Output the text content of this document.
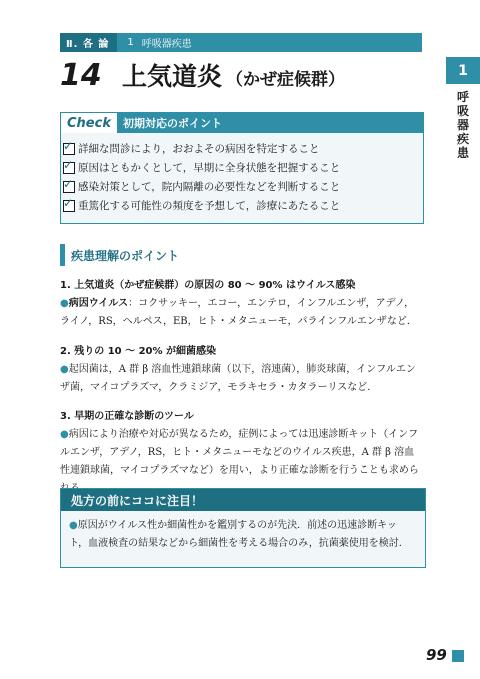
Ⅱ. 各 論	1 呼吸器疾患
14 上気道炎 （かぜ症候群）	1
呼吸器疾患
Check	初期対応のポイント
✓
詳細な問診により，おおよその病因を特定すること
✓
原因はともかくとして，早期に全身状態を把握すること
✓
感染対策として，院内隔離の必要性などを判断すること
✓
重篤化する可能性の頻度を予想して，診療にあたること
疾患理解のポイント
1. 上気道炎（かぜ症候群）の原因の 80 ～ 90% はウイルス感染

●病因ウイルス：コクサッキー，エコー，エンテロ，インフルエンザ，アデノ，ライノ，RS，ヘルペス，EB，ヒト・メタニューモ，パラインフルエンザなど．

2. 残りの 10 ～ 20% が細菌感染

●起因菌は，A 群 β 溶血性連鎖球菌（以下，溶連菌），肺炎球菌，インフルエンザ菌，マイコプラズマ，クラミジア，モラキセラ・カタラーリスなど．

3. 早期の正確な診断のツール

●病因により治療や対応が異なるため，症例によっては迅速診断キット（インフルエンザ，アデノ，RS，ヒト・メタニューモなどのウイルス疾患，A 群 β 溶血性連鎖球菌，マイコプラズマなど）を用い，より正確な診断を行うことも求めら

処方の前にココに注目！

●原因がウイルス性か細菌性かを鑑別するのが先決．前述の迅速診断キット，血液検査の結果などから細菌性を考える場合のみ，抗菌薬使用を検討．

99
